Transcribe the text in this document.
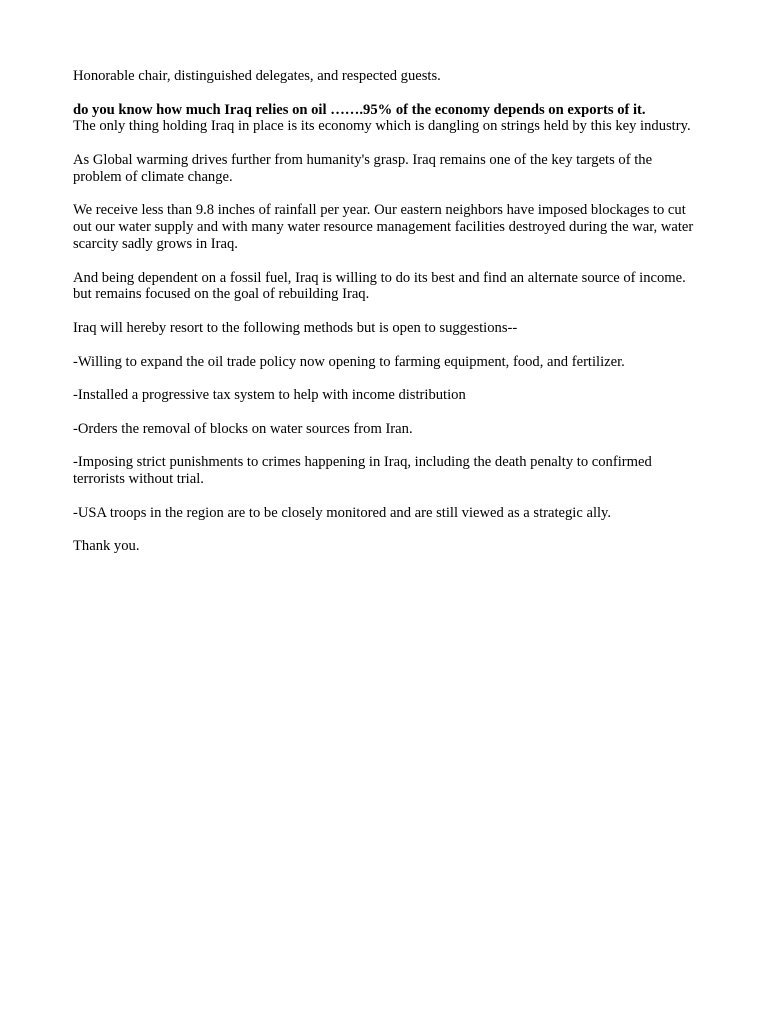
Honorable chair, distinguished delegates, and respected guests.

do you know how much Iraq relies on oil …….95% of the economy depends on exports of it.
The only thing holding Iraq in place is its economy which is dangling on strings held by this key industry.

As Global warming drives further from humanity's grasp. Iraq remains one of the key targets of the problem of climate change.

We receive less than 9.8 inches of rainfall per year. Our eastern neighbors have imposed blockages to cut out our water supply and with many water resource management facilities destroyed during the war, water scarcity sadly grows in Iraq.

And being dependent on a fossil fuel, Iraq is willing to do its best and find an alternate source of income. but remains focused on the goal of rebuilding Iraq.

Iraq will hereby resort to the following methods but is open to suggestions--

-Willing to expand the oil trade policy now opening to farming equipment, food, and fertilizer.

-Installed a progressive tax system to help with income distribution

-Orders the removal of blocks on water sources from Iran.

-Imposing strict punishments to crimes happening in Iraq, including the death penalty to confirmed terrorists without trial.

-USA troops in the region are to be closely monitored and are still viewed as a strategic ally.

Thank you.
